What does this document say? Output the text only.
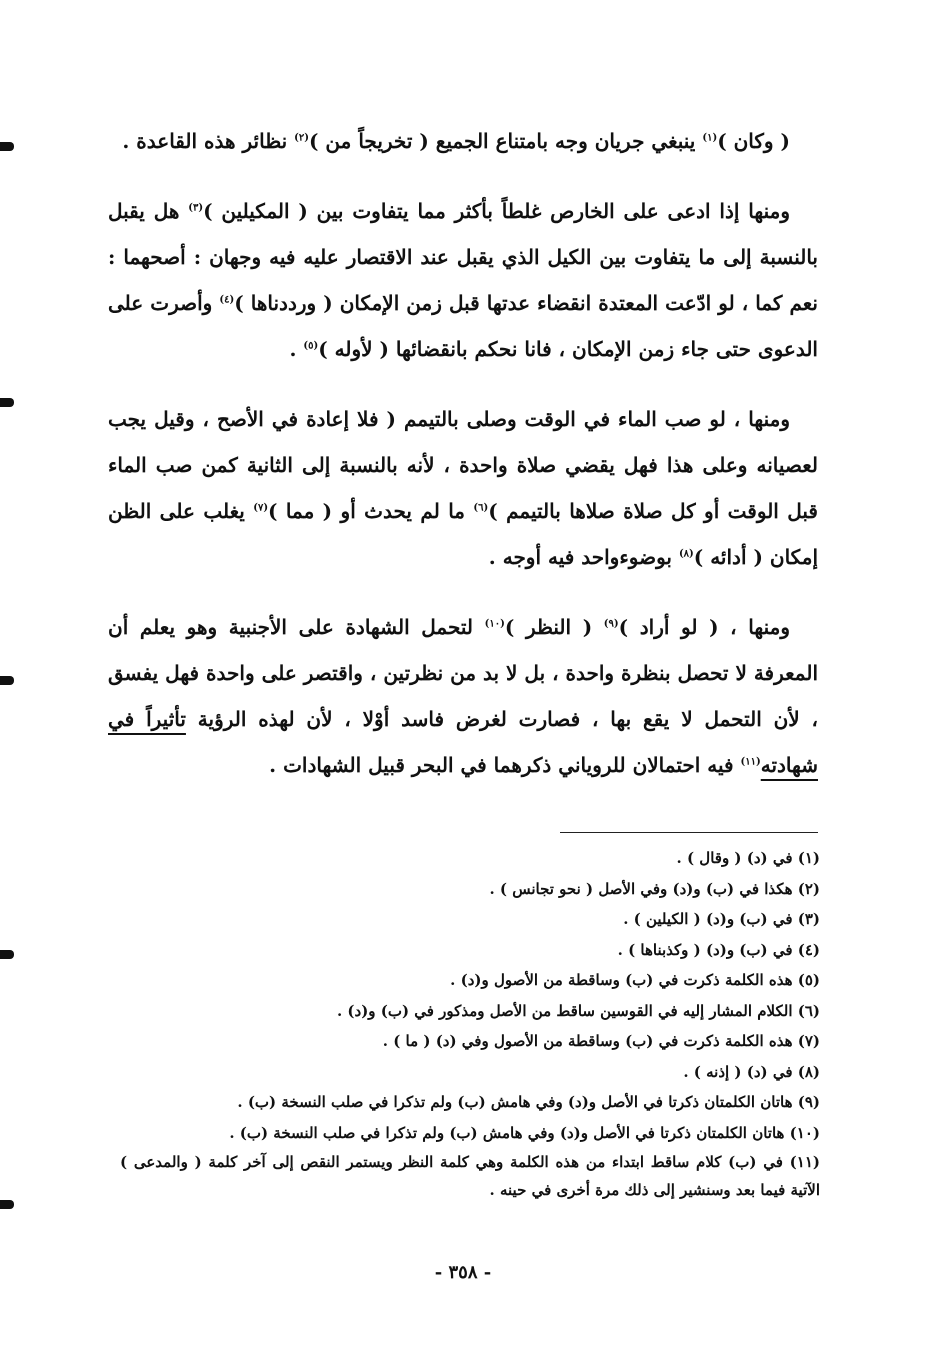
( وكان )$^{(١)}$ ينبغي جريان وجه بامتناع الجميع ( تخريجاً من )$^{(٢)}$ نظائر هذه القاعدة .

ومنها إذا ادعى على الخارص غلطاً بأكثر مما يتفاوت بين ( المكيلين )$^{(٣)}$ هل يقبل بالنسبة إلى ما يتفاوت بين الكيل الذي يقبل عند الاقتصار عليه فيه وجهان : أصحهما : نعم كما ، لو ادّعت المعتدة انقضاء عدتها قبل زمن الإمكان ( ورددناها )$^{(٤)}$ وأصرت على الدعوى حتى جاء زمن الإمكان ، فانا نحكم بانقضائها ( لأوله )$^{(٥)}$ .

ومنها ، لو صب الماء في الوقت وصلى بالتيمم ( فلا إعادة في الأصح ، وقيل يجب لعصيانه وعلى هذا فهل يقضي صلاة واحدة ، لأنه بالنسبة إلى الثانية كمن صب الماء قبل الوقت أو كل صلاة صلاها بالتيمم )$^{(٦)}$ ما لم يحدث أو ( مما )$^{(٧)}$ يغلب على الظن إمكان ( أدائه )$^{(٨)}$ بوضوءواحد فيه أوجه .

ومنها ، ( لو أراد )$^{(٩)}$ ( النظر )$^{(١٠)}$ لتحمل الشهادة على الأجنبية وهو يعلم أن المعرفة لا تحصل بنظرة واحدة ، بل لا بد من نظرتين ، واقتصر على واحدة فهل يفسق ، لأن التحمل لا يقع بها ، فصارت لغرض فاسد أوْلا ، لأن لهذه الرؤية تأثيراً في شهادته$^{(١١)}$ فيه احتمالان للروياني ذكرهما في البحر قبيل الشهادات .

(١) في (د) ( وقال ) .

(٢) هكذا في (ب) و(د) وفي الأصل ( نحو تجانس ) .

(٣) في (ب) و(د) ( الكيلين ) .

(٤) في (ب) و(د) ( وكذبناها ) .

(٥) هذه الكلمة ذكرت في (ب) وساقطة من الأصول و(د) .

(٦) الكلام المشار إليه في القوسين ساقط من الأصل ومذكور في (ب) و(د) .

(٧) هذه الكلمة ذكرت في (ب) وساقطة من الأصول وفي (د) ( ما ) .

(٨) في (د) ( إذنه ) .

(٩) هاتان الكلمتان ذكرتا في الأصل و(د) وفي هامش (ب) ولم تذكرا في صلب النسخة (ب) .

(١٠) هاتان الكلمتان ذكرتا في الأصل و(د) وفي هامش (ب) ولم تذكرا في صلب النسخة (ب) .

(١١) في (ب) كلام ساقط ابتداء من هذه الكلمة وهي كلمة النظر ويستمر النقص إلى آخر كلمة ( والمدعى ) الآتية فيما بعد وسنشير إلى ذلك مرة أخرى في حينه .

- ٣٥٨ -
